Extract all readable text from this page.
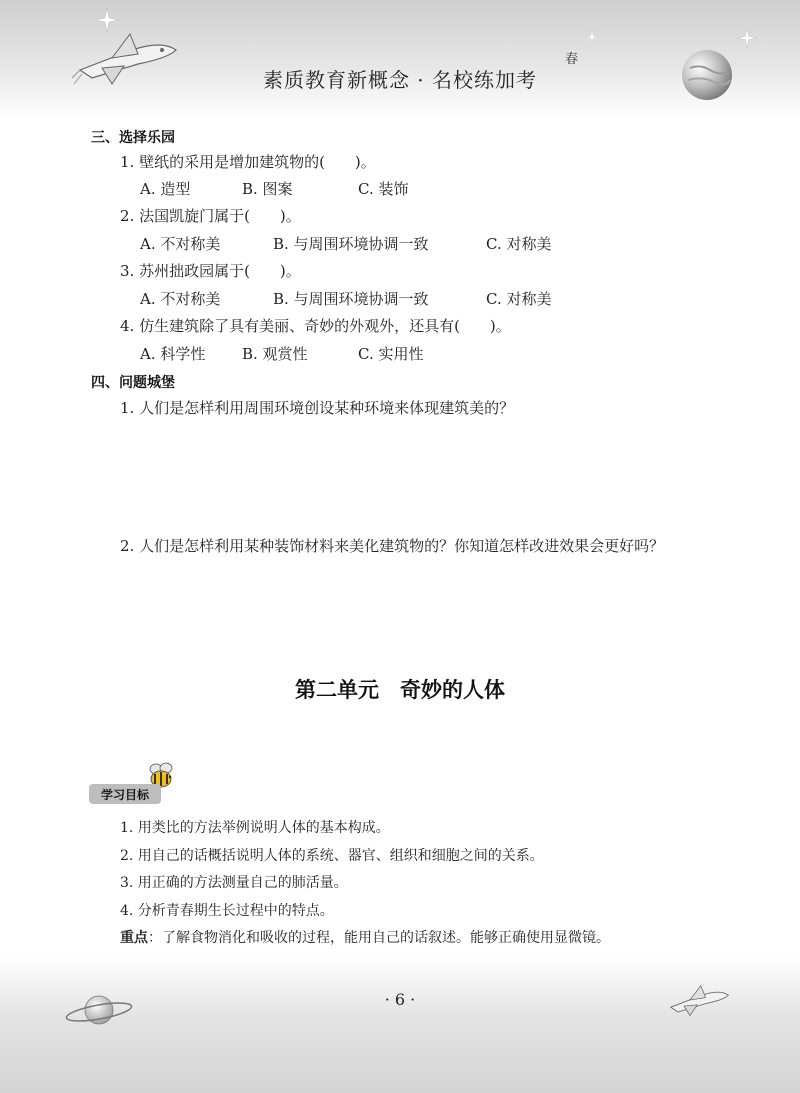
素质教育新概念 · 名校练加考
春
三、选择乐园
1. 壁纸的采用是增加建筑物的(　　)。
A. 造型	B. 图案	C. 装饰
2. 法国凯旋门属于(　　)。
A. 不对称美	B. 与周围环境协调一致	C. 对称美
3. 苏州拙政园属于(　　)。
A. 不对称美	B. 与周围环境协调一致	C. 对称美
4. 仿生建筑除了具有美丽、奇妙的外观外，还具有(　　)。
A. 科学性 B. 观赏性	C. 实用性
四、问题城堡
1. 人们是怎样利用周围环境创设某种环境来体现建筑美的？
2. 人们是怎样利用某种装饰材料来美化建筑物的？你知道怎样改进效果会更好吗？
第二单元　奇妙的人体
学习目标
1. 用类比的方法举例说明人体的基本构成。
2. 用自己的话概括说明人体的系统、器官、组织和细胞之间的关系。
3. 用正确的方法测量自己的肺活量。
4. 分析青春期生长过程中的特点。
重点：了解食物消化和吸收的过程，能用自己的话叙述。能够正确使用显微镜。
· 6 ·
